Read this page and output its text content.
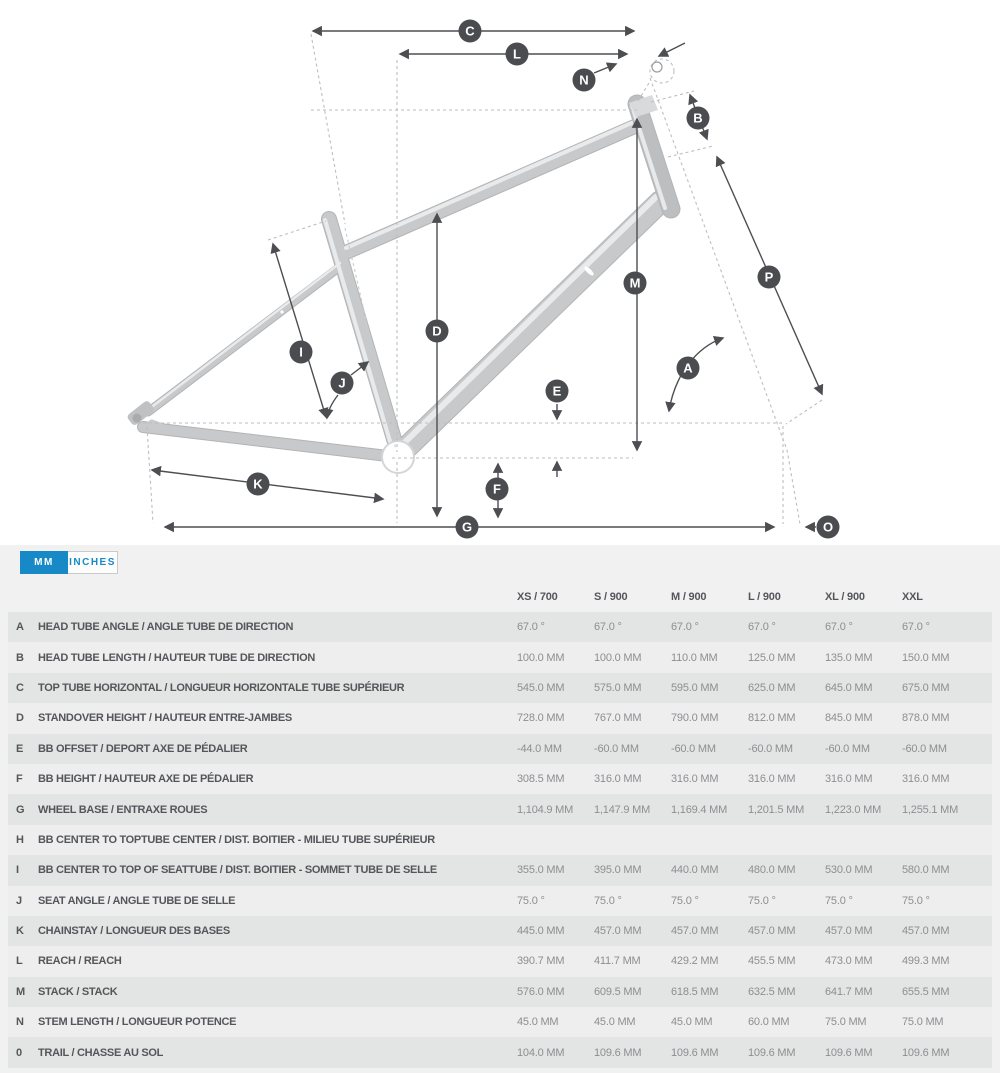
C
L
N
B
P
M
D
I
J
E
A
K	F
G	O
MM	INCHES
XS / 700	S / 900	M / 900	L / 900	XL / 900	XXL
A	HEAD TUBE ANGLE / ANGLE TUBE DE DIRECTION	67.0 °	67.0 °	67.0 °	67.0 °	67.0 °	67.0 °
B	HEAD TUBE LENGTH / HAUTEUR TUBE DE DIRECTION	100.0 MM	100.0 MM	110.0 MM	125.0 MM	135.0 MM	150.0 MM
C	TOP TUBE HORIZONTAL / LONGUEUR HORIZONTALE TUBE SUPÉRIEUR	545.0 MM	575.0 MM	595.0 MM	625.0 MM	645.0 MM	675.0 MM
D	STANDOVER HEIGHT / HAUTEUR ENTRE-JAMBES	728.0 MM	767.0 MM	790.0 MM	812.0 MM	845.0 MM	878.0 MM
E	BB OFFSET / DEPORT AXE DE PÉDALIER	-44.0 MM	-60.0 MM	-60.0 MM	-60.0 MM	-60.0 MM	-60.0 MM
F	BB HEIGHT / HAUTEUR AXE DE PÉDALIER	308.5 MM	316.0 MM	316.0 MM	316.0 MM	316.0 MM	316.0 MM
G	WHEEL BASE / ENTRAXE ROUES	1,104.9 MM	1,147.9 MM	1,169.4 MM	1,201.5 MM	1,223.0 MM	1,255.1 MM
H	BB CENTER TO TOPTUBE CENTER / DIST. BOITIER - MILIEU TUBE SUPÉRIEUR
I	BB CENTER TO TOP OF SEATTUBE / DIST. BOITIER - SOMMET TUBE DE SELLE	355.0 MM	395.0 MM	440.0 MM	480.0 MM	530.0 MM	580.0 MM
J	SEAT ANGLE / ANGLE TUBE DE SELLE	75.0 °	75.0 °	75.0 °	75.0 °	75.0 °	75.0 °
K	CHAINSTAY / LONGUEUR DES BASES	445.0 MM	457.0 MM	457.0 MM	457.0 MM	457.0 MM	457.0 MM
L	REACH / REACH	390.7 MM	411.7 MM	429.2 MM	455.5 MM	473.0 MM	499.3 MM
M	STACK / STACK	576.0 MM	609.5 MM	618.5 MM	632.5 MM	641.7 MM	655.5 MM
N	STEM LENGTH / LONGUEUR POTENCE	45.0 MM	45.0 MM	45.0 MM	60.0 MM	75.0 MM	75.0 MM
0	TRAIL / CHASSE AU SOL	104.0 MM	109.6 MM	109.6 MM	109.6 MM	109.6 MM	109.6 MM
